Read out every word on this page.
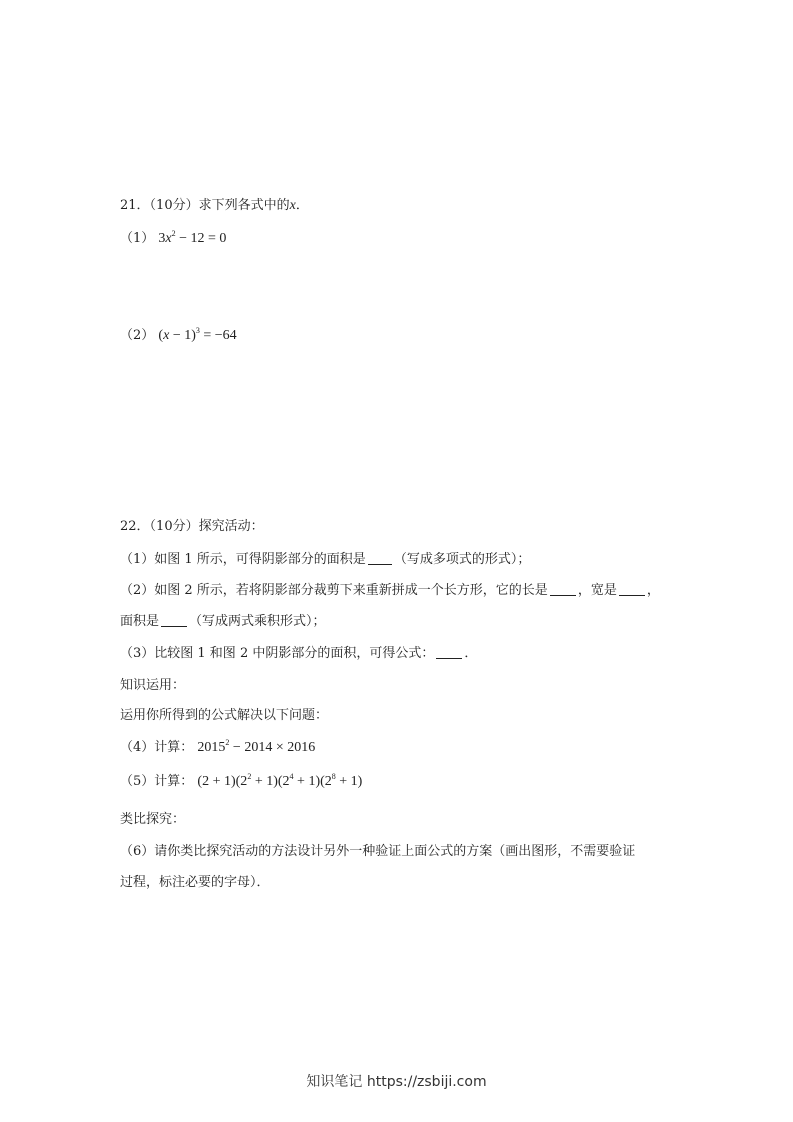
21．（10分）求下列各式中的x．
（1） $3x^2 - 12 = 0$
（2） $(x - 1)^3 = -64$
22．（10分）探究活动：
（1）如图 1 所示，可得阴影部分的面积是 （写成多项式的形式）；
（2）如图 2 所示，若将阴影部分裁剪下来重新拼成一个长方形，它的长是 ，宽是 ，
面积是 （写成两式乘积形式）；
（3）比较图 1 和图 2 中阴影部分的面积，可得公式： ．
知识运用：
运用你所得到的公式解决以下问题：
（4）计算： $2015^2 - 2014 \times 2016$
（5）计算： $(2 + 1)(2^2 + 1)(2^4 + 1)(2^8 + 1)$
类比探究：
（6）请你类比探究活动的方法设计另外一种验证上面公式的方案（画出图形，不需要验证
过程，标注必要的字母）．
知识笔记 https://zsbiji.com
